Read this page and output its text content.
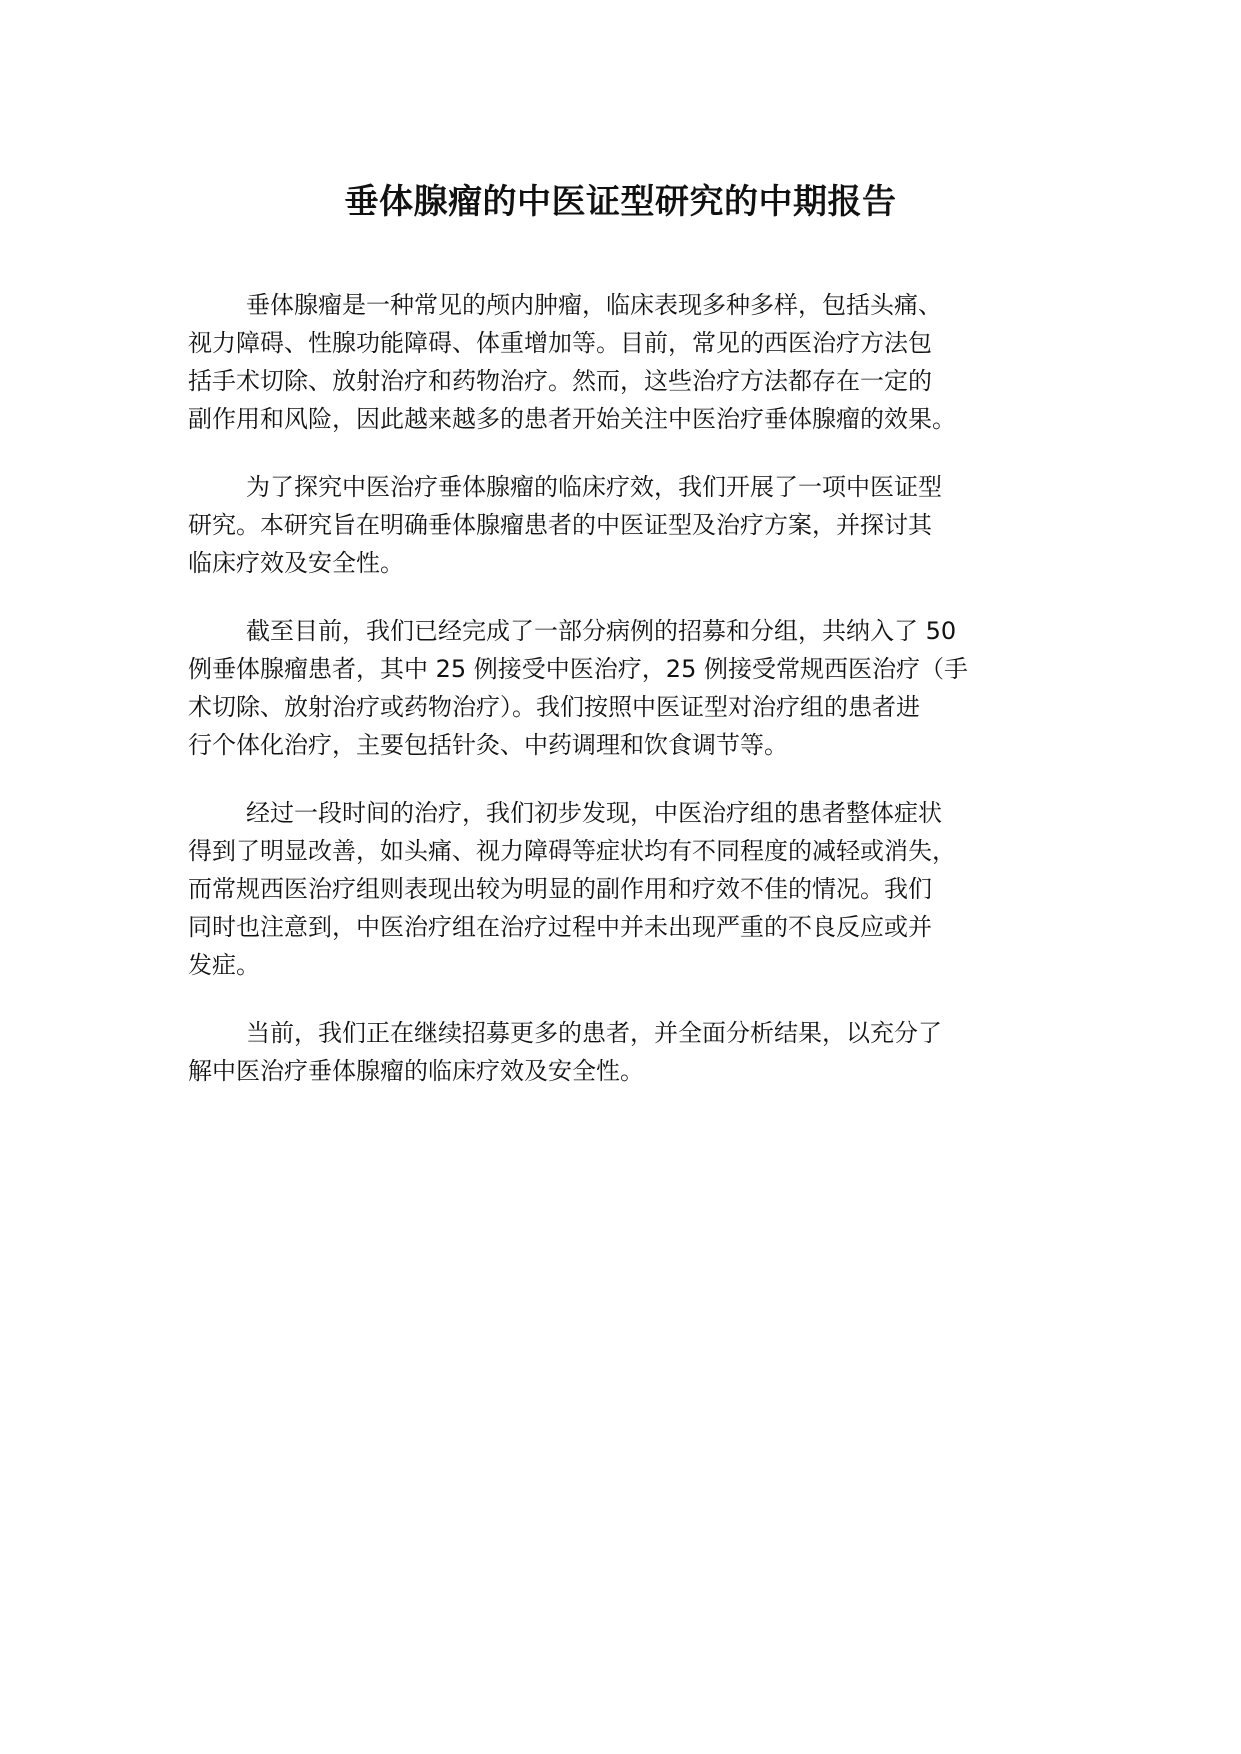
垂体腺瘤的中医证型研究的中期报告
垂体腺瘤是一种常见的颅内肿瘤，临床表现多种多样，包括头痛、
视力障碍、性腺功能障碍、体重增加等。目前，常见的西医治疗方法包
括手术切除、放射治疗和药物治疗。然而，这些治疗方法都存在一定的
副作用和风险，因此越来越多的患者开始关注中医治疗垂体腺瘤的效果。
为了探究中医治疗垂体腺瘤的临床疗效，我们开展了一项中医证型
研究。本研究旨在明确垂体腺瘤患者的中医证型及治疗方案，并探讨其
临床疗效及安全性。
截至目前，我们已经完成了一部分病例的招募和分组，共纳入了 50
例垂体腺瘤患者，其中 25 例接受中医治疗，25 例接受常规西医治疗（手
术切除、放射治疗或药物治疗）。我们按照中医证型对治疗组的患者进
行个体化治疗，主要包括针灸、中药调理和饮食调节等。
经过一段时间的治疗，我们初步发现，中医治疗组的患者整体症状
得到了明显改善，如头痛、视力障碍等症状均有不同程度的减轻或消失，
而常规西医治疗组则表现出较为明显的副作用和疗效不佳的情况。我们
同时也注意到，中医治疗组在治疗过程中并未出现严重的不良反应或并
发症。
当前，我们正在继续招募更多的患者，并全面分析结果，以充分了
解中医治疗垂体腺瘤的临床疗效及安全性。
